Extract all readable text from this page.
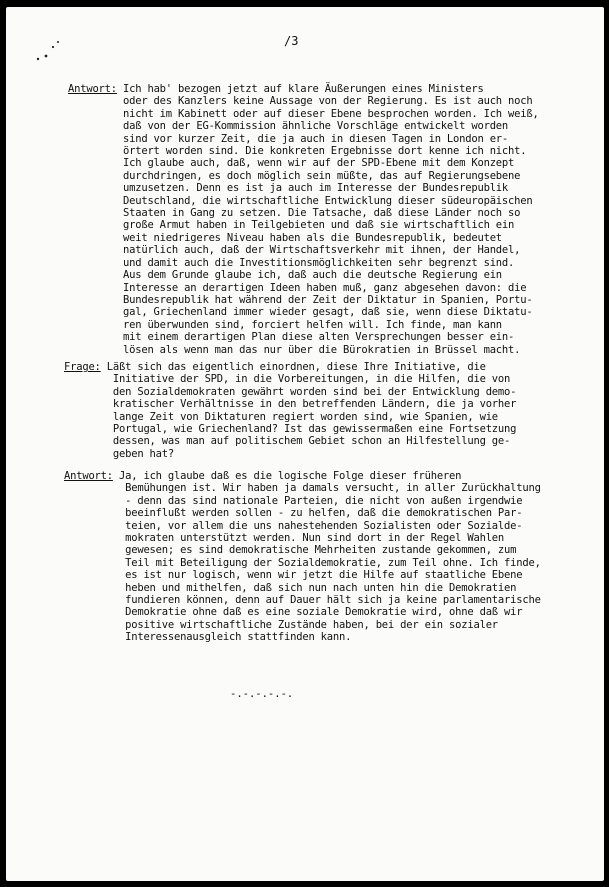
/3
Antwort: Ich hab' bezogen jetzt auf klare Äußerungen eines Ministers
oder des Kanzlers keine Aussage von der Regierung. Es ist auch noch
nicht im Kabinett oder auf dieser Ebene besprochen worden. Ich weiß,
daß von der EG-Kommission ähnliche Vorschläge entwickelt worden
sind vor kurzer Zeit, die ja auch in diesen Tagen in London er-
örtert worden sind. Die konkreten Ergebnisse dort kenne ich nicht.
Ich glaube auch, daß, wenn wir auf der SPD-Ebene mit dem Konzept
durchdringen, es doch möglich sein müßte, das auf Regierungsebene
umzusetzen. Denn es ist ja auch im Interesse der Bundesrepublik
Deutschland, die wirtschaftliche Entwicklung dieser südeuropäischen
Staaten in Gang zu setzen. Die Tatsache, daß diese Länder noch so
große Armut haben in Teilgebieten und daß sie wirtschaftlich ein
weit niedrigeres Niveau haben als die Bundesrepublik, bedeutet
natürlich auch, daß der Wirtschaftsverkehr mit ihnen, der Handel,
und damit auch die Investitionsmöglichkeiten sehr begrenzt sind.
Aus dem Grunde glaube ich, daß auch die deutsche Regierung ein
Interesse an derartigen Ideen haben muß, ganz abgesehen davon: die
Bundesrepublik hat während der Zeit der Diktatur in Spanien, Portu-
gal, Griechenland immer wieder gesagt, daß sie, wenn diese Diktatu-
ren überwunden sind, forciert helfen will. Ich finde, man kann
mit einem derartigen Plan diese alten Versprechungen besser ein-
lösen als wenn man das nur über die Bürokratien in Brüssel macht.
Frage: Läßt sich das eigentlich einordnen, diese Ihre Initiative, die
Initiative der SPD, in die Vorbereitungen, in die Hilfen, die von
den Sozialdemokraten gewährt worden sind bei der Entwicklung demo-
kratischer Verhältnisse in den betreffenden Ländern, die ja vorher
lange Zeit von Diktaturen regiert worden sind, wie Spanien, wie
Portugal, wie Griechenland? Ist das gewissermaßen eine Fortsetzung
dessen, was man auf politischem Gebiet schon an Hilfestellung ge-
geben hat?
Antwort: Ja, ich glaube daß es die logische Folge dieser früheren
Bemühungen ist. Wir haben ja damals versucht, in aller Zurückhaltung
- denn das sind nationale Parteien, die nicht von außen irgendwie
beeinflußt werden sollen - zu helfen, daß die demokratischen Par-
teien, vor allem die uns nahestehenden Sozialisten oder Sozialde-
mokraten unterstützt werden. Nun sind dort in der Regel Wahlen
gewesen; es sind demokratische Mehrheiten zustande gekommen, zum
Teil mit Beteiligung der Sozialdemokratie, zum Teil ohne. Ich finde,
es ist nur logisch, wenn wir jetzt die Hilfe auf staatliche Ebene
heben und mithelfen, daß sich nun nach unten hin die Demokratien
fundieren können, denn auf Dauer hält sich ja keine parlamentarische
Demokratie ohne daß es eine soziale Demokratie wird, ohne daß wir
positive wirtschaftliche Zustände haben, bei der ein sozialer
Interessenausgleich stattfinden kann.
-.-.-.-.-.
